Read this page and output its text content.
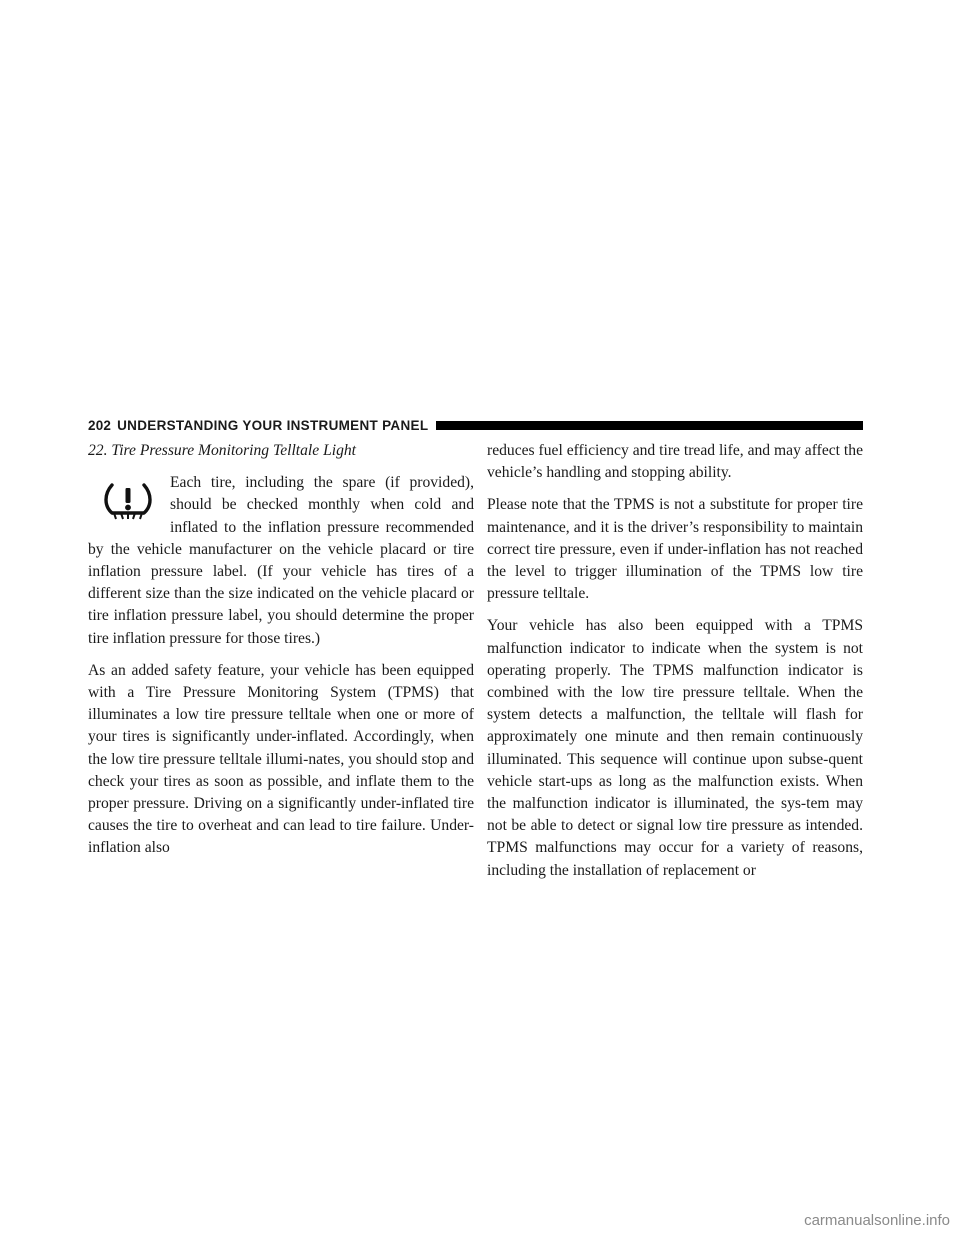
202 UNDERSTANDING YOUR INSTRUMENT PANEL

22. Tire Pressure Monitoring Telltale Light

Each tire, including the spare (if provided), should be checked monthly when cold and inflated to the inflation pressure recommended by the vehicle manufacturer on the vehicle placard or tire inflation pressure label. (If your vehicle has tires of a different size than the size indicated on the vehicle placard or tire inflation pressure label, you should determine the proper tire inflation pressure for those tires.)

As an added safety feature, your vehicle has been equipped with a Tire Pressure Monitoring System (TPMS) that illuminates a low tire pressure telltale when one or more of your tires is significantly under-inflated. Accordingly, when the low tire pressure telltale illumi-nates, you should stop and check your tires as soon as possible, and inflate them to the proper pressure. Driving on a significantly under-inflated tire causes the tire to overheat and can lead to tire failure. Under-inflation also

reduces fuel efficiency and tire tread life, and may affect the vehicle’s handling and stopping ability.

Please note that the TPMS is not a substitute for proper tire maintenance, and it is the driver’s responsibility to maintain correct tire pressure, even if under-inflation has not reached the level to trigger illumination of the TPMS low tire pressure telltale.

Your vehicle has also been equipped with a TPMS malfunction indicator to indicate when the system is not operating properly. The TPMS malfunction indicator is combined with the low tire pressure telltale. When the system detects a malfunction, the telltale will flash for approximately one minute and then remain continuously illuminated. This sequence will continue upon subse-quent vehicle start-ups as long as the malfunction exists. When the malfunction indicator is illuminated, the sys-tem may not be able to detect or signal low tire pressure as intended. TPMS malfunctions may occur for a variety of reasons, including the installation of replacement or

carmanualsonline.info
